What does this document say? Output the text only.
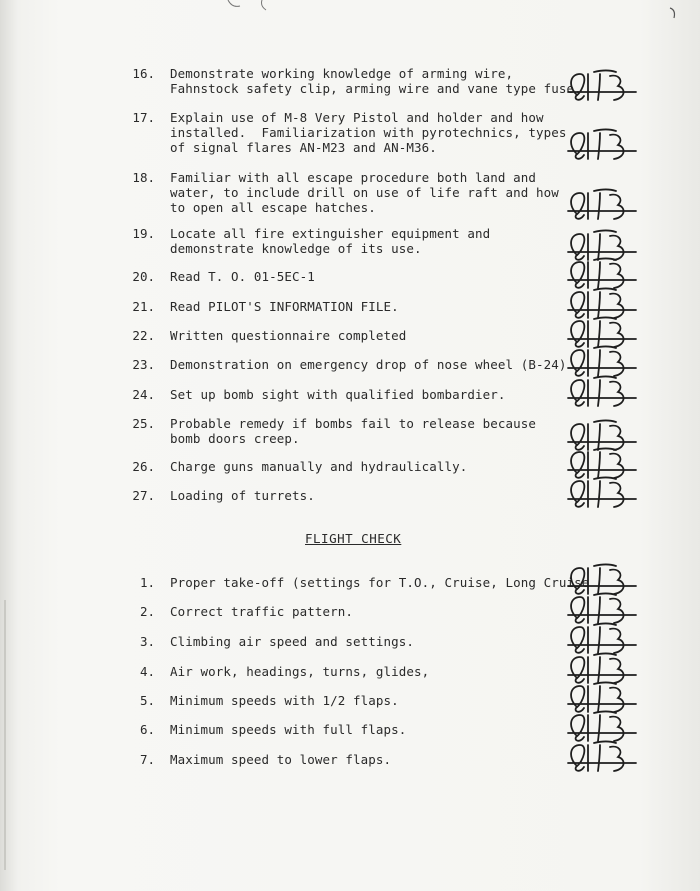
16. Demonstrate working knowledge of arming wire,
Fahnstock safety clip, arming wire and vane type fuse.
17. Explain use of M-8 Very Pistol and holder and how
installed.  Familiarization with pyrotechnics, types
of signal flares AN-M23 and AN-M36.
18. Familiar with all escape procedure both land and
water, to include drill on use of life raft and how
to open all escape hatches.
19. Locate all fire extinguisher equipment and
demonstrate knowledge of its use.
20. Read T. O. 01-5EC-1
21. Read PILOT'S INFORMATION FILE.
22. Written questionnaire completed
23. Demonstration on emergency drop of nose wheel (B-24)
24. Set up bomb sight with qualified bombardier.
25. Probable remedy if bombs fail to release because
bomb doors creep.
26. Charge guns manually and hydraulically.
27. Loading of turrets.
FLIGHT CHECK
1. Proper take-off (settings for T.O., Cruise, Long Cruise
2. Correct traffic pattern.
3. Climbing air speed and settings.
4. Air work, headings, turns, glides,
5. Minimum speeds with 1/2 flaps.
6. Minimum speeds with full flaps.
7. Maximum speed to lower flaps.
